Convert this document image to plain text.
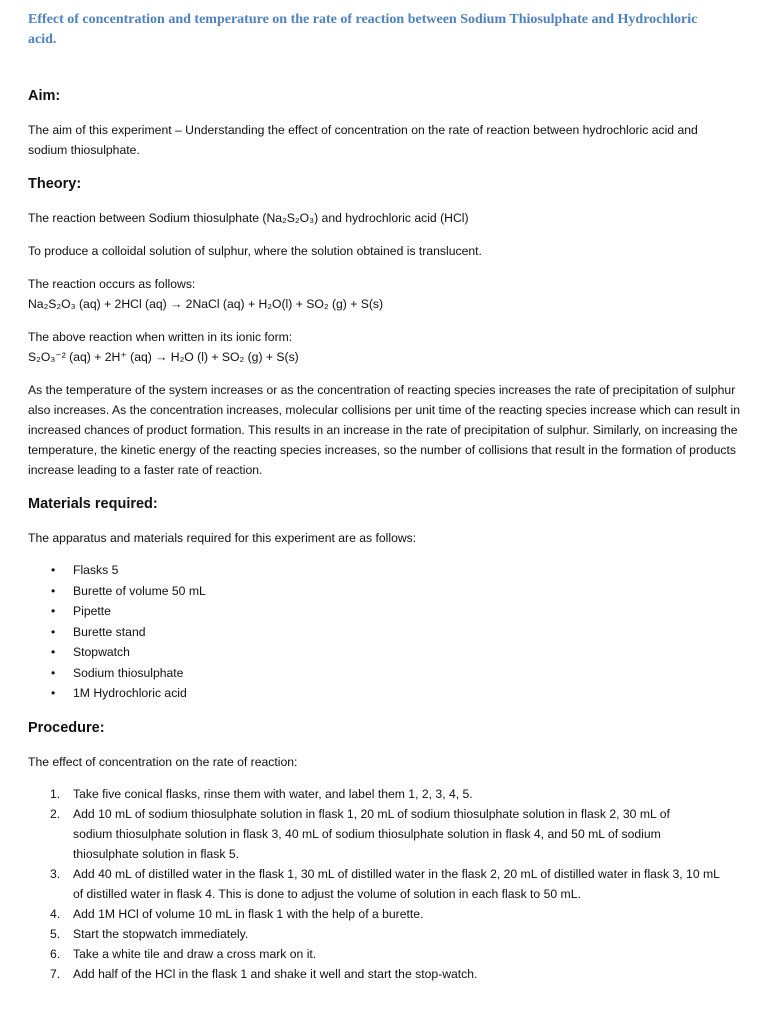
Effect of concentration and temperature on the rate of reaction between Sodium Thiosulphate and Hydrochloric acid.
Aim:

The aim of this experiment – Understanding the effect of concentration on the rate of reaction between hydrochloric acid and sodium thiosulphate.

Theory:

The reaction between Sodium thiosulphate (Na₂S₂O₃) and hydrochloric acid (HCl)

To produce a colloidal solution of sulphur, where the solution obtained is translucent.

The reaction occurs as follows:

Na₂S₂O₃ (aq) + 2HCl (aq) → 2NaCl (aq) + H₂O(l) + SO₂ (g) + S(s)

The above reaction when written in its ionic form:

S₂O₃⁻² (aq) + 2H⁺ (aq) → H₂O (l) + SO₂ (g) + S(s)

As the temperature of the system increases or as the concentration of reacting species increases the rate of precipitation of sulphur also increases. As the concentration increases, molecular collisions per unit time of the reacting species increase which can result in increased chances of product formation. This results in an increase in the rate of precipitation of sulphur. Similarly, on increasing the temperature, the kinetic energy of the reacting species increases, so the number of collisions that result in the formation of products increase leading to a faster rate of reaction.

Materials required:

The apparatus and materials required for this experiment are as follows:

• Flasks 5
• Burette of volume 50 mL
• Pipette
• Burette stand
• Stopwatch
• Sodium thiosulphate
• 1M Hydrochloric acid
Procedure:

The effect of concentration on the rate of reaction:

1. Take five conical flasks, rinse them with water, and label them 1, 2, 3, 4, 5.
2. Add 10 mL of sodium thiosulphate solution in flask 1, 20 mL of sodium thiosulphate solution in flask 2, 30 mL of sodium thiosulphate solution in flask 3, 40 mL of sodium thiosulphate solution in flask 4, and 50 mL of sodium thiosulphate solution in flask 5.
3. Add 40 mL of distilled water in the flask 1, 30 mL of distilled water in the flask 2, 20 mL of distilled water in flask 3, 10 mL of distilled water in flask 4. This is done to adjust the volume of solution in each flask to 50 mL.
4. Add 1M HCl of volume 10 mL in flask 1 with the help of a burette.
5. Start the stopwatch immediately.
6. Take a white tile and draw a cross mark on it.
7. Add half of the HCl in the flask 1 and shake it well and start the stop-watch.
